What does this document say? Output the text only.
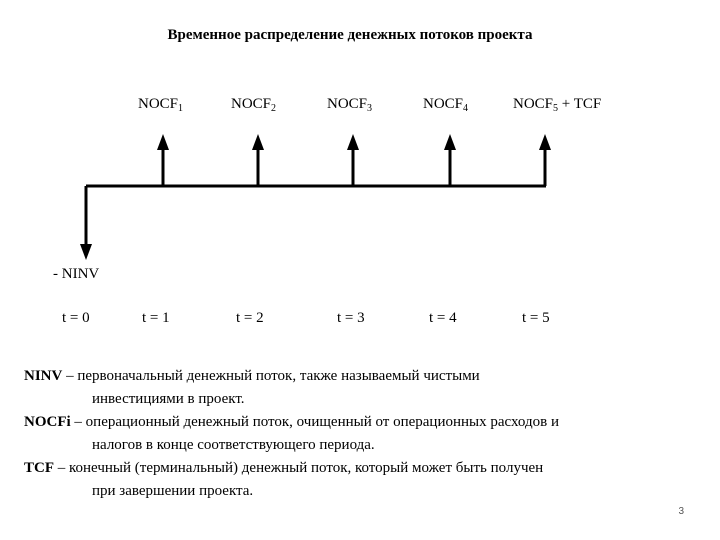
Временное распределение денежных потоков проекта
$NOCF_1$	$NOCF_2$	$NOCF_3$	$NOCF_4$	$NOCF_5$ + TCF
- NINV
t = 0	t = 1	t = 2	t = 3	t = 4	t = 5
NINV – первоначальный денежный поток, также называемый чистыми
инвестициями в проект.
NOCFi – операционный денежный поток, очищенный от операционных расходов и
налогов в конце соответствующего периода.
TCF – конечный (терминальный) денежный поток, который может быть получен
при завершении проекта.
3
